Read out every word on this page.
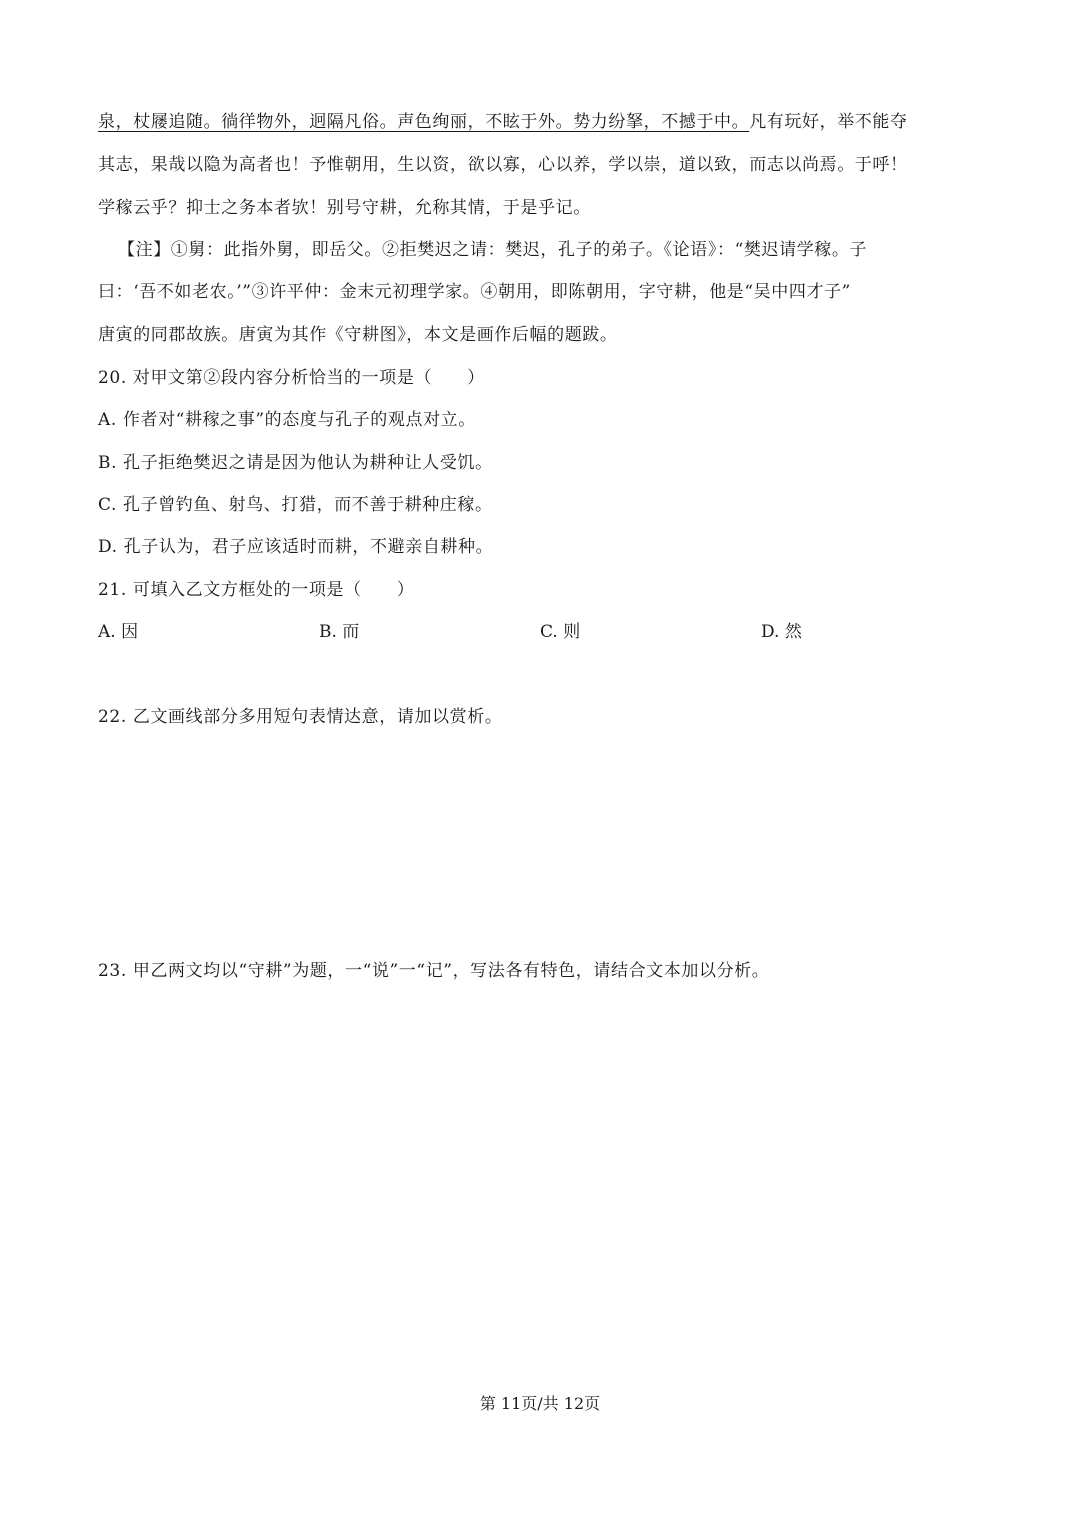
泉，杖屦追随。徜徉物外，迥隔凡俗。声色绚丽，不眩于外。势力纷拏，不撼于中。凡有玩好，举不能夺
其志，果哉以隐为高者也！予惟朝用，生以资，欲以寡，心以养，学以崇，道以致，而志以尚焉。于呼！
学稼云乎？抑士之务本者欤！别号守耕，允称其情，于是乎记。
【注】①舅：此指外舅，即岳父。②拒樊迟之请：樊迟，孔子的弟子。《论语》：“樊迟请学稼。子
曰：‘吾不如老农。’”③许平仲：金末元初理学家。④朝用，即陈朝用，字守耕，他是“吴中四才子”
唐寅的同郡故族。唐寅为其作《守耕图》，本文是画作后幅的题跋。
20. 对甲文第②段内容分析恰当的一项是（　　）
A. 作者对“耕稼之事”的态度与孔子的观点对立。
B. 孔子拒绝樊迟之请是因为他认为耕种让人受饥。
C. 孔子曾钓鱼、射鸟、打猎，而不善于耕种庄稼。
D. 孔子认为，君子应该适时而耕，不避亲自耕种。
21. 可填入乙文方框处的一项是（　　）
A. 因	B. 而	C. 则	D. 然
22. 乙文画线部分多用短句表情达意，请加以赏析。
23. 甲乙两文均以“守耕”为题，一“说”一“记”，写法各有特色，请结合文本加以分析。
第 11页/共 12页
